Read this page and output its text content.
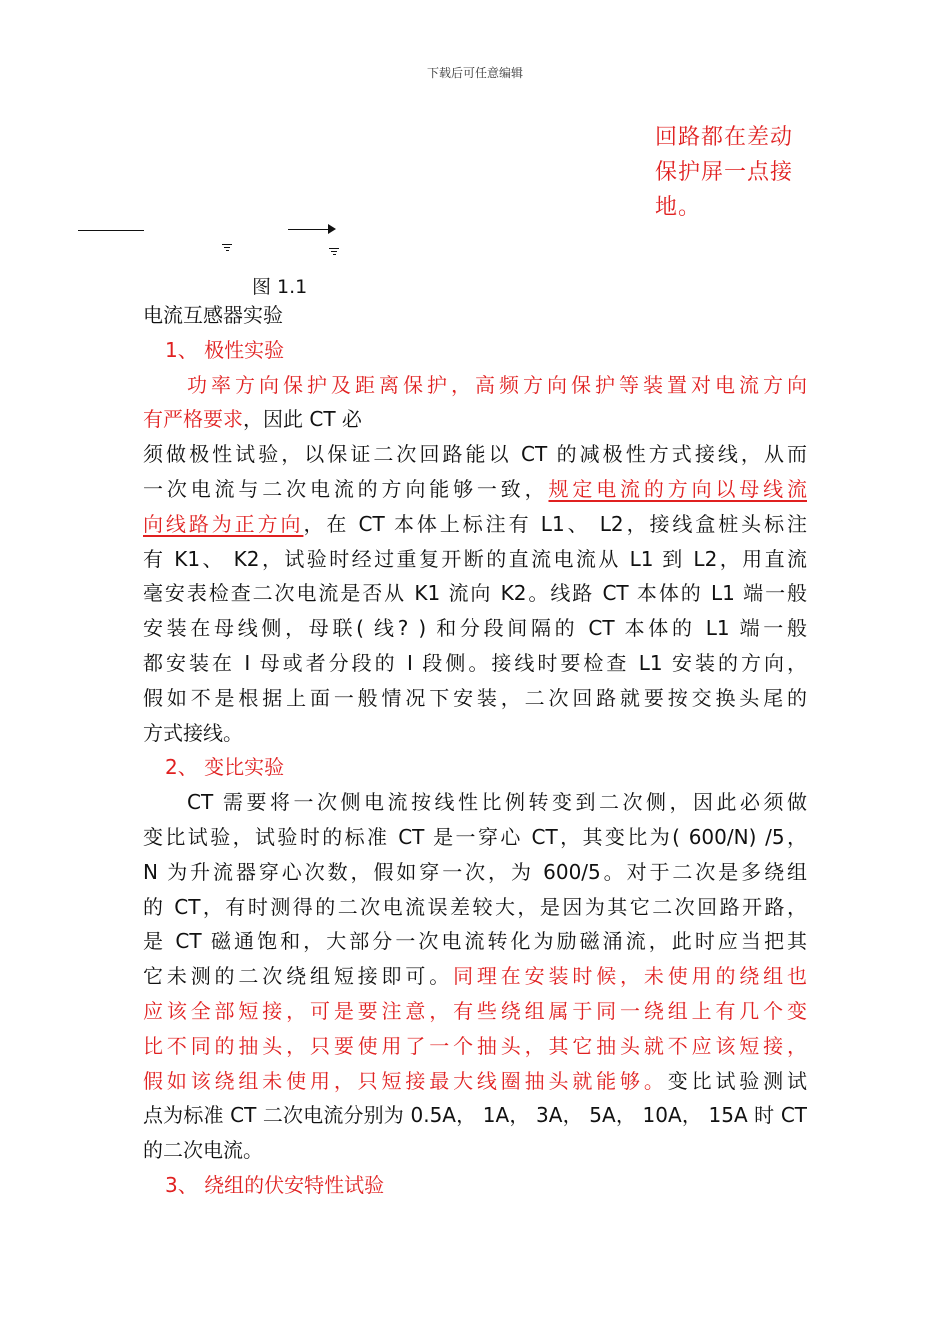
下载后可任意编辑
回路都在差动
保护屏一点接
地。
图 1.1
电流互感器实验
1、 极性实验
功率方向保护及距离保护，高频方向保护等装置对电流方向
有严格要求，因此 CT 必
须做极性试验，以保证二次回路能以 CT 的减极性方式接线，从而
一次电流与二次电流的方向能够一致，规定电流的方向以母线流
向线路为正方向，在 CT 本体上标注有 L1、 L2，接线盒桩头标注
有 K1、 K2，试验时经过重复开断的直流电流从 L1 到 L2，用直流
毫安表检查二次电流是否从 K1 流向 K2。线路 CT 本体的 L1 端一般
安装在母线侧，母联( 线? ) 和分段间隔的 CT 本体的 L1 端一般
都安装在 I 母或者分段的 I 段侧。接线时要检查 L1 安装的方向，
假如不是根据上面一般情况下安装，二次回路就要按交换头尾的
方式接线。
2、 变比实验
CT 需要将一次侧电流按线性比例转变到二次侧，因此必须做
变比试验，试验时的标准 CT 是一穿心 CT，其变比为( 600/N) /5，
N 为升流器穿心次数，假如穿一次，为 600/5。对于二次是多绕组
的 CT，有时测得的二次电流误差较大，是因为其它二次回路开路，
是 CT 磁通饱和，大部分一次电流转化为励磁涌流，此时应当把其
它未测的二次绕组短接即可。同理在安装时候，未使用的绕组也
应该全部短接，可是要注意，有些绕组属于同一绕组上有几个变
比不同的抽头，只要使用了一个抽头，其它抽头就不应该短接，
假如该绕组未使用，只短接最大线圈抽头就能够。变比试验测试
点为标准 CT 二次电流分别为 0.5A， 1A， 3A， 5A， 10A， 15A 时 CT
的二次电流。
3、 绕组的伏安特性试验
